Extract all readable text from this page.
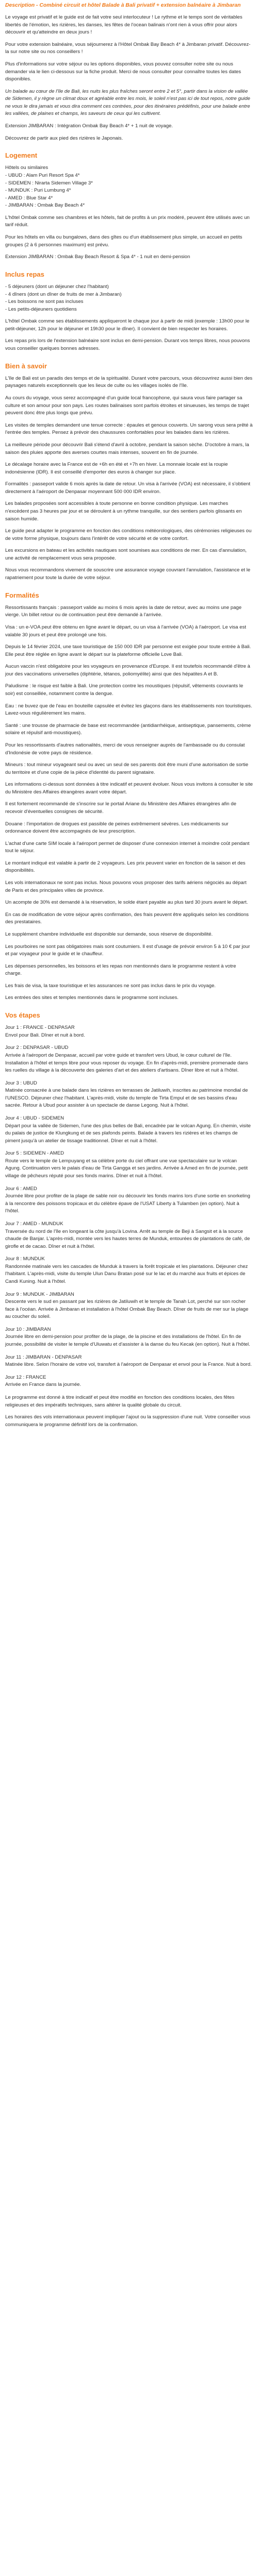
Description - Combiné circuit et hôtel Balade à Bali privatif + extension balnéaire à Jimbaran

Le voyage est privatif et le guide est de fait votre seul interlocuteur ! Le rythme et le temps sont de véritables libertés de l'émotion, les rizières, les danses, les fêtes de l'ocean balinais n'ont rien à vous offrir pour alors découvrir et qu'atteindre en deux jours !

Pour votre extension balnéaire, vous séjournerez à l'Hôtel Ombak Bay Beach 4* à Jimbaran privatif. Découvrez-la sur notre site ou nos conseillers !

Plus d'informations sur votre séjour ou les options disponibles, vous pouvez consulter notre site ou nous demander via le lien ci-dessous sur la fiche produit. Merci de nous consulter pour connaître toutes les dates disponibles.

Un balade au cœur de l'île de Bali, les nuits les plus fraîches seront entre 2 et 5°, partir dans la vision de vallée de Sidemen, il y règne un climat doux et agréable entre les mois, le soleil n'est pas ici de tout repos, notre guide ne vous le dira jamais et vous dira comment ces contrées, pour des itinéraires prédéfinis, pour une balade entre les vallées, de plaines et champs, les saveurs de ceux qui les cultivent.

Extension JIMBARAN : Intégration Ombak Bay Beach 4* + 1 nuit de voyage.

Découvrez de partir aux pied des rizières le Japonais.

Logement

Hôtels ou similaires

- UBUD : Alam Puri Resort Spa 4*
- SIDEMEN : Nirarta Sidemen Village 3*
- MUNDUK : Puri Lumbung 4*
- AMED : Blue Star 4*
- JIMBARAN : Ombak Bay Beach 4*

L'hôtel Ombak comme ses chambres et les hôtels, fait de profits à un prix modéré, peuvent être utilisés avec un tarif réduit.

Pour les hôtels en villa ou bungalows, dans des gîtes ou d'un établissement plus simple, un accueil en petits groupes (2 à 6 personnes maximum) est prévu.

Extension JIMBARAN : Ombak Bay Beach Resort & Spa 4* - 1 nuit en demi-pension

Inclus repas
- 5 déjeuners (dont un déjeuner chez l'habitant)
- 4 dîners (dont un dîner de fruits de mer à Jimbaran)
- Les boissons ne sont pas incluses
- Les petits-déjeuners quotidiens

L'hôtel Ombak comme ses établissements appliqueront le chaque jour à partir de midi (exemple : 13h00 pour le petit-déjeuner, 12h pour le déjeuner et 19h30 pour le dîner). Il convient de bien respecter les horaires.

Les repas pris lors de l'extension balnéaire sont inclus en demi-pension. Durant vos temps libres, nous pouvons vous conseiller quelques bonnes adresses.

Bien à savoir

L'île de Bali est un paradis des temps et de la spiritualité. Durant votre parcours, vous découvrirez aussi bien des paysages naturels exceptionnels que les lieux de culte ou les villages isolés de l'île.

Au cours du voyage, vous serez accompagné d'un guide local francophone, qui saura vous faire partager sa culture et son amour pour son pays. Les routes balinaises sont parfois étroites et sinueuses, les temps de trajet peuvent donc être plus longs que prévu.

Les visites de temples demandent une tenue correcte : épaules et genoux couverts. Un sarong vous sera prêté à l'entrée des temples. Pensez à prévoir des chaussures confortables pour les balades dans les rizières.

La meilleure période pour découvrir Bali s'étend d'avril à octobre, pendant la saison sèche. D'octobre à mars, la saison des pluies apporte des averses courtes mais intenses, souvent en fin de journée.

Le décalage horaire avec la France est de +6h en été et +7h en hiver. La monnaie locale est la roupie indonésienne (IDR). Il est conseillé d'emporter des euros à changer sur place.

Formalités : passeport valide 6 mois après la date de retour. Un visa à l'arrivée (VOA) est nécessaire, il s'obtient directement à l'aéroport de Denpasar moyennant 500 000 IDR environ.

Les balades proposées sont accessibles à toute personne en bonne condition physique. Les marches n'excèdent pas 3 heures par jour et se déroulent à un rythme tranquille, sur des sentiers parfois glissants en saison humide.

Le guide peut adapter le programme en fonction des conditions météorologiques, des cérémonies religieuses ou de votre forme physique, toujours dans l'intérêt de votre sécurité et de votre confort.

Les excursions en bateau et les activités nautiques sont soumises aux conditions de mer. En cas d'annulation, une activité de remplacement vous sera proposée.

Nous vous recommandons vivement de souscrire une assurance voyage couvrant l'annulation, l'assistance et le rapatriement pour toute la durée de votre séjour.

Formalités

Ressortissants français : passeport valide au moins 6 mois après la date de retour, avec au moins une page vierge. Un billet retour ou de continuation peut être demandé à l'arrivée.

Visa : un e-VOA peut être obtenu en ligne avant le départ, ou un visa à l'arrivée (VOA) à l'aéroport. Le visa est valable 30 jours et peut être prolongé une fois.

Depuis le 14 février 2024, une taxe touristique de 150 000 IDR par personne est exigée pour toute entrée à Bali. Elle peut être réglée en ligne avant le départ sur la plateforme officielle Love Bali.

Aucun vaccin n'est obligatoire pour les voyageurs en provenance d'Europe. Il est toutefois recommandé d'être à jour des vaccinations universelles (diphtérie, tétanos, poliomyélite) ainsi que des hépatites A et B.

Paludisme : le risque est faible à Bali. Une protection contre les moustiques (répulsif, vêtements couvrants le soir) est conseillée, notamment contre la dengue.

Eau : ne buvez que de l'eau en bouteille capsulée et évitez les glaçons dans les établissements non touristiques. Lavez-vous régulièrement les mains.

Santé : une trousse de pharmacie de base est recommandée (antidiarrhéique, antiseptique, pansements, crème solaire et répulsif anti-moustiques).

Pour les ressortissants d'autres nationalités, merci de vous renseigner auprès de l'ambassade ou du consulat d'Indonésie de votre pays de résidence.

Mineurs : tout mineur voyageant seul ou avec un seul de ses parents doit être muni d'une autorisation de sortie du territoire et d'une copie de la pièce d'identité du parent signataire.

Les informations ci-dessus sont données à titre indicatif et peuvent évoluer. Nous vous invitons à consulter le site du Ministère des Affaires étrangères avant votre départ.

Il est fortement recommandé de s'inscrire sur le portail Ariane du Ministère des Affaires étrangères afin de recevoir d'éventuelles consignes de sécurité.

Douane : l'importation de drogues est passible de peines extrêmement sévères. Les médicaments sur ordonnance doivent être accompagnés de leur prescription.

L'achat d'une carte SIM locale à l'aéroport permet de disposer d'une connexion internet à moindre coût pendant tout le séjour.

Le montant indiqué est valable à partir de 2 voyageurs. Les prix peuvent varier en fonction de la saison et des disponibilités.

Les vols internationaux ne sont pas inclus. Nous pouvons vous proposer des tarifs aériens négociés au départ de Paris et des principales villes de province.

Un acompte de 30% est demandé à la réservation, le solde étant payable au plus tard 30 jours avant le départ.

En cas de modification de votre séjour après confirmation, des frais peuvent être appliqués selon les conditions des prestataires.

Le supplément chambre individuelle est disponible sur demande, sous réserve de disponibilité.

Les pourboires ne sont pas obligatoires mais sont coutumiers. Il est d'usage de prévoir environ 5 à 10 € par jour et par voyageur pour le guide et le chauffeur.

Les dépenses personnelles, les boissons et les repas non mentionnés dans le programme restent à votre charge.

Les frais de visa, la taxe touristique et les assurances ne sont pas inclus dans le prix du voyage.

Les entrées des sites et temples mentionnés dans le programme sont incluses.

Vos étapes
Jour 1 : FRANCE - DENPASAR
Envol pour Bali. Dîner et nuit à bord.
Jour 2 : DENPASAR - UBUD
Arrivée à l'aéroport de Denpasar, accueil par votre guide et transfert vers Ubud, le cœur culturel de l'île. Installation à l'hôtel et temps libre pour vous reposer du voyage. En fin d'après-midi, première promenade dans les ruelles du village à la découverte des galeries d'art et des ateliers d'artisans. Dîner libre et nuit à l'hôtel.
Jour 3 : UBUD
Matinée consacrée à une balade dans les rizières en terrasses de Jatiluwih, inscrites au patrimoine mondial de l'UNESCO. Déjeuner chez l'habitant. L'après-midi, visite du temple de Tirta Empul et de ses bassins d'eau sacrée. Retour à Ubud pour assister à un spectacle de danse Legong. Nuit à l'hôtel.
Jour 4 : UBUD - SIDEMEN
Départ pour la vallée de Sidemen, l'une des plus belles de Bali, encadrée par le volcan Agung. En chemin, visite du palais de justice de Klungkung et de ses plafonds peints. Balade à travers les rizières et les champs de piment jusqu'à un atelier de tissage traditionnel. Dîner et nuit à l'hôtel.
Jour 5 : SIDEMEN - AMED
Route vers le temple de Lempuyang et sa célèbre porte du ciel offrant une vue spectaculaire sur le volcan Agung. Continuation vers le palais d'eau de Tirta Gangga et ses jardins. Arrivée à Amed en fin de journée, petit village de pêcheurs réputé pour ses fonds marins. Dîner et nuit à l'hôtel.
Jour 6 : AMED
Journée libre pour profiter de la plage de sable noir ou découvrir les fonds marins lors d'une sortie en snorkeling à la rencontre des poissons tropicaux et du célèbre épave de l'USAT Liberty à Tulamben (en option). Nuit à l'hôtel.
Jour 7 : AMED - MUNDUK
Traversée du nord de l'île en longeant la côte jusqu'à Lovina. Arrêt au temple de Beji à Sangsit et à la source chaude de Banjar. L'après-midi, montée vers les hautes terres de Munduk, entourées de plantations de café, de girofle et de cacao. Dîner et nuit à l'hôtel.
Jour 8 : MUNDUK
Randonnée matinale vers les cascades de Munduk à travers la forêt tropicale et les plantations. Déjeuner chez l'habitant. L'après-midi, visite du temple Ulun Danu Bratan posé sur le lac et du marché aux fruits et épices de Candi Kuning. Nuit à l'hôtel.
Jour 9 : MUNDUK - JIMBARAN
Descente vers le sud en passant par les rizières de Jatiluwih et le temple de Tanah Lot, perché sur son rocher face à l'océan. Arrivée à Jimbaran et installation à l'hôtel Ombak Bay Beach. Dîner de fruits de mer sur la plage au coucher du soleil.
Jour 10 : JIMBARAN
Journée libre en demi-pension pour profiter de la plage, de la piscine et des installations de l'hôtel. En fin de journée, possibilité de visiter le temple d'Uluwatu et d'assister à la danse du feu Kecak (en option). Nuit à l'hôtel.
Jour 11 : JIMBARAN - DENPASAR
Matinée libre. Selon l'horaire de votre vol, transfert à l'aéroport de Denpasar et envol pour la France. Nuit à bord.
Jour 12 : FRANCE
Arrivée en France dans la journée.

Le programme est donné à titre indicatif et peut être modifié en fonction des conditions locales, des fêtes religieuses et des impératifs techniques, sans altérer la qualité globale du circuit.

Les horaires des vols internationaux peuvent impliquer l'ajout ou la suppression d'une nuit. Votre conseiller vous communiquera le programme définitif lors de la confirmation.
